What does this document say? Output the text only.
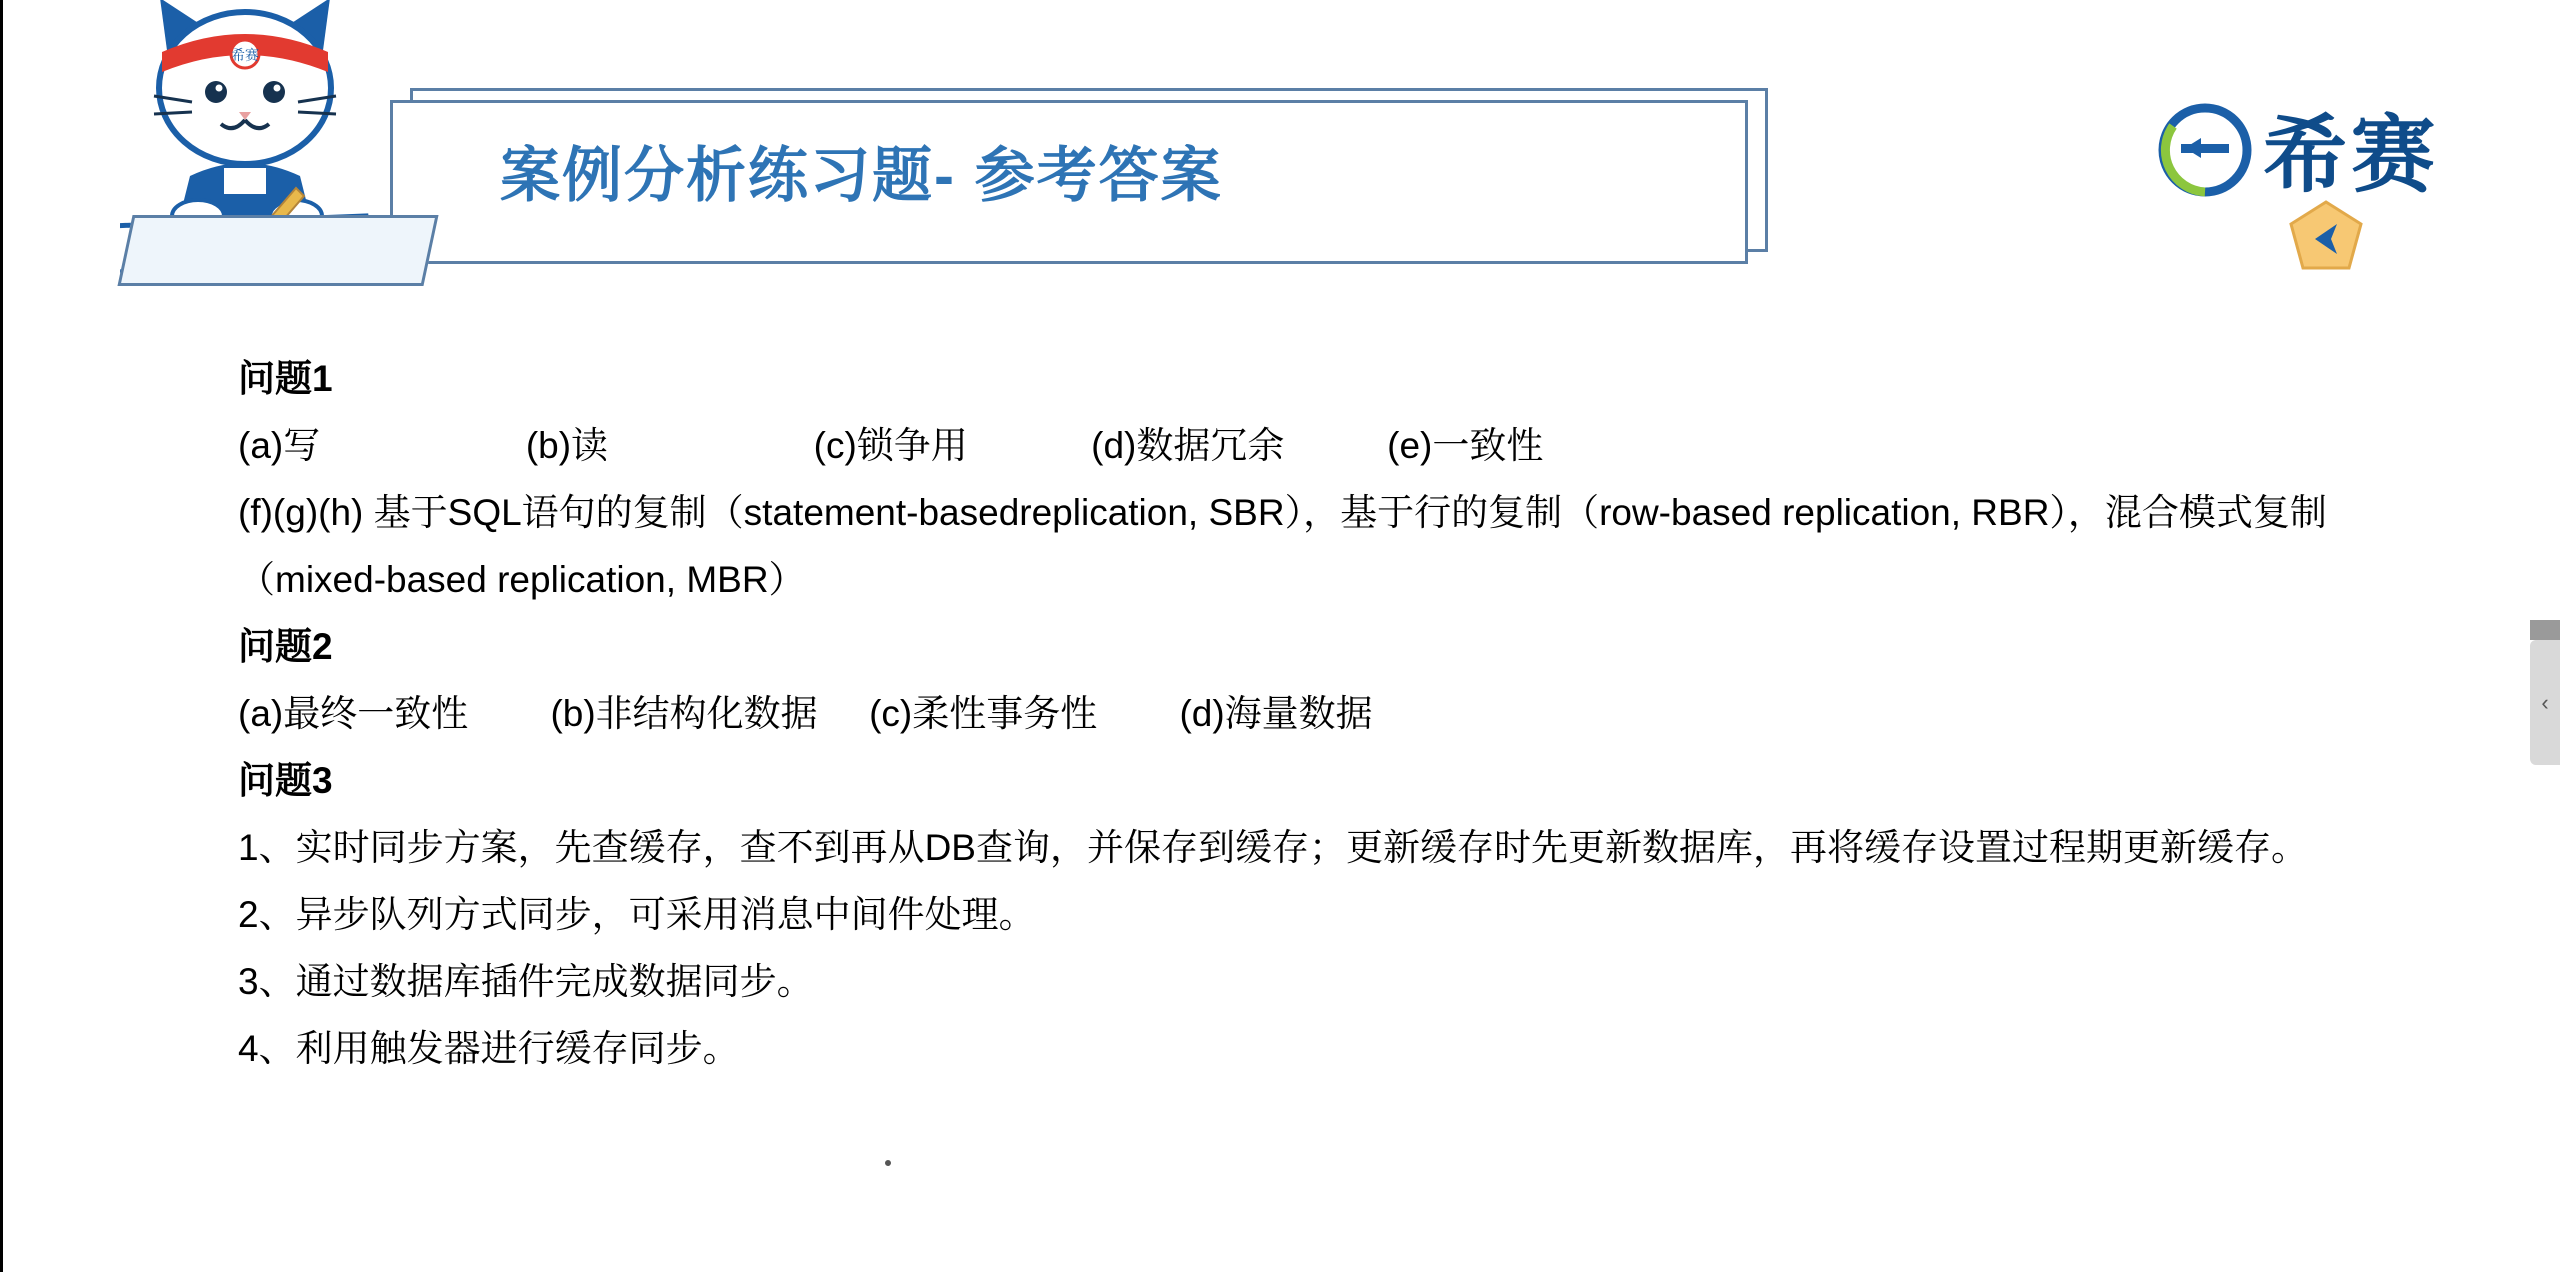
希赛
案例分析练习题- 参考答案	希赛
问题1
(a)写                    (b)读                    (c)锁争用            (d)数据冗余          (e)一致性
(f)(g)(h) 基于SQL语句的复制（statement-basedreplication, SBR），基于行的复制（row-based replication, RBR），混合模式复制（mixed-based replication, MBR）
问题2
(a)最终一致性        (b)非结构化数据     (c)柔性事务性        (d)海量数据
问题3
1、实时同步方案，先查缓存，查不到再从DB查询，并保存到缓存；更新缓存时先更新数据库，再将缓存设置过程期更新缓存。
2、异步队列方式同步，可采用消息中间件处理。
3、通过数据库插件完成数据同步。
4、利用触发器进行缓存同步。
‹
